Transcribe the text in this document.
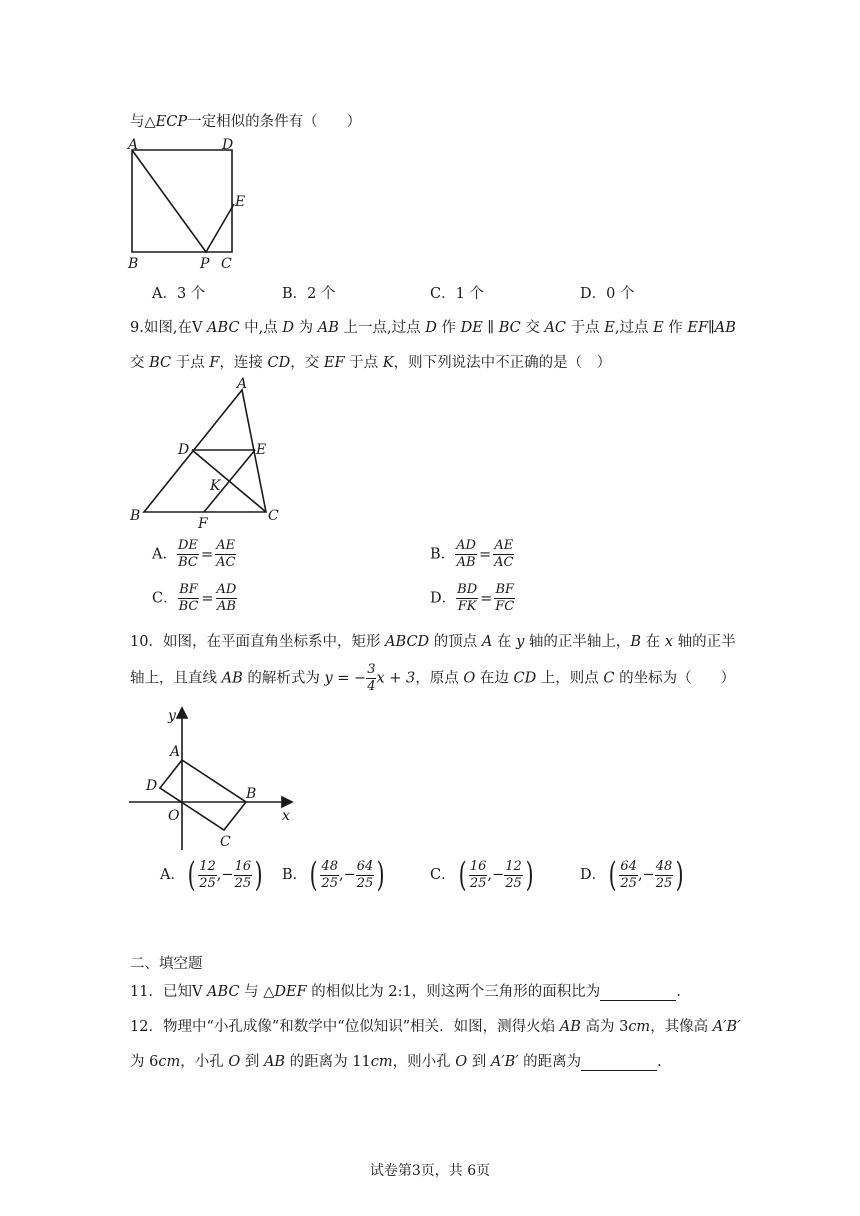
与△ECP一定相似的条件有（　　）
A	D
E
B	P C
A．3 个	B．2 个	C．1 个	D．0 个
9.如图,在V ABC 中,点 D 为 AB 上一点,过点 D 作 DE ∥ BC 交 AC 于点 E,过点 E 作 EF∥AB
交 BC 于点 F，连接 CD，交 EF 于点 K，则下列说法中不正确的是（　）
A
D	E
K
B	F	C
A． $\frac{DE}{BC} = \frac{AE}{AC}$	B． $\frac{AD}{AB} = \frac{AE}{AC}$
C． $\frac{BF}{BC} = \frac{AD}{AB}$	D． $\frac{BD}{FK} = \frac{BF}{FC}$
10．如图，在平面直角坐标系中，矩形 ABCD 的顶点 A 在 y 轴的正半轴上，B 在 x 轴的正半
轴上，且直线 AB 的解析式为 y = − $\frac{3}{4}$ x + 3，原点 O 在边 CD 上，则点 C 的坐标为（　　）
y
A
D
O
B
x
C
A．( $\frac{12}{25}$ ,− $\frac{16}{25}$ ) B．( $\frac{48}{25}$ ,− $\frac{64}{25}$ )	C．( $\frac{16}{25}$ ,− $\frac{12}{25}$ )	D．( $\frac{64}{25}$ ,− $\frac{48}{25}$ )
二、填空题
11．已知V ABC 与 △DEF 的相似比为 2:1，则这两个三角形的面积比为	.
12．物理中“小孔成像”和数学中“位似知识”相关．如图，测得火焰 AB 高为 3cm，其像高 A′B′
为 6cm，小孔 O 到 AB 的距离为 11cm，则小孔 O 到 A′B′ 的距离为	.
试卷第3页，共 6页
